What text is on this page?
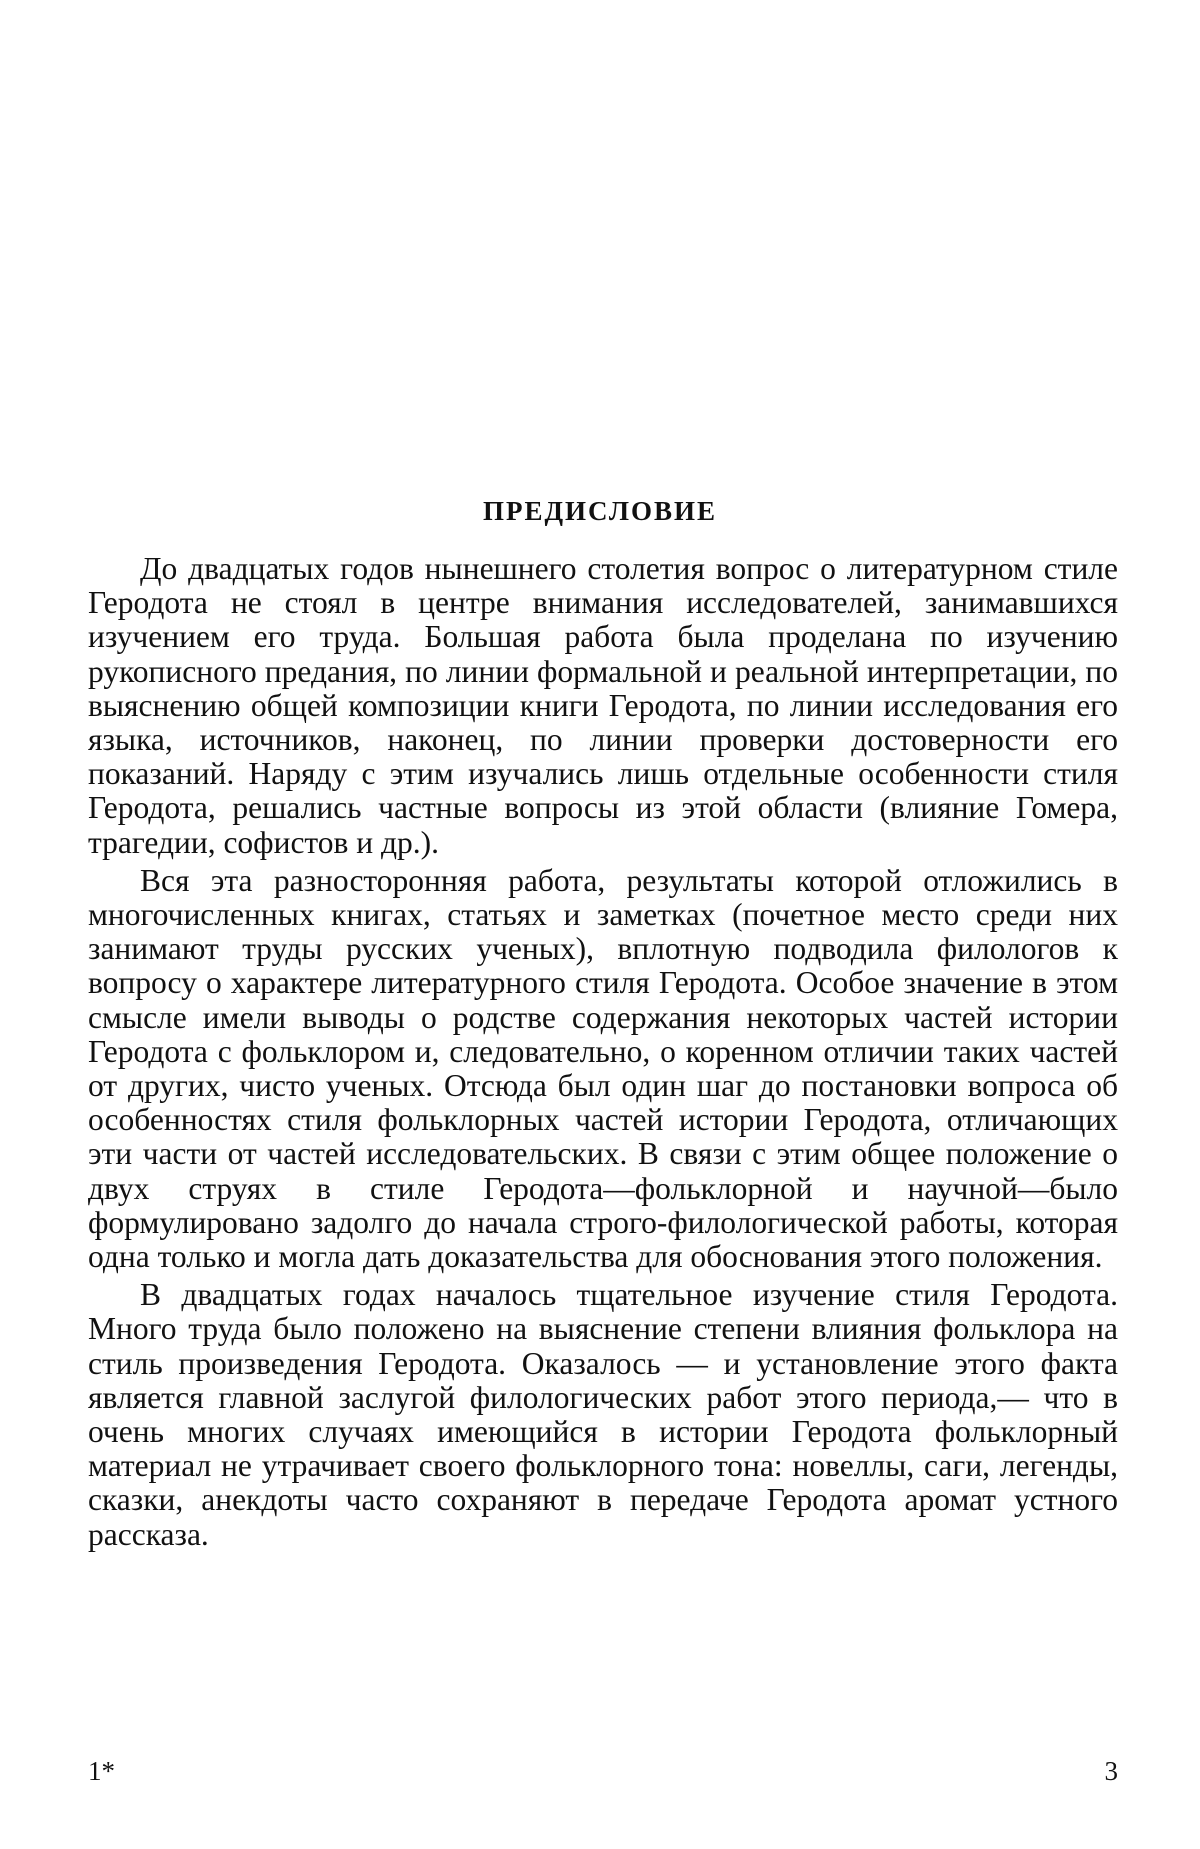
ПРЕДИСЛОВИЕ

До двадцатых годов нынешнего столетия вопрос о литературном стиле Геродота не стоял в центре внимания исследователей, занимавшихся изучением его труда. Большая работа была проделана по изучению рукописного предания, по линии формальной и реальной интерпретации, по выяснению общей композиции книги Геродота, по линии исследования его языка, источников, наконец, по линии проверки достоверности его показаний. Наряду с этим изучались лишь отдельные особенности стиля Геродота, решались частные вопросы из этой области (влияние Гомера, трагедии, софистов и др.).

Вся эта разносторонняя работа, результаты которой отложились в многочисленных книгах, статьях и заметках (почетное место среди них занимают труды русских ученых), вплотную подводила филологов к вопросу о характере литературного стиля Геродота. Особое значение в этом смысле имели выводы о родстве содержания некоторых частей истории Геродота с фольклором и, следовательно, о коренном отличии таких частей от других, чисто ученых. Отсюда был один шаг до постановки вопроса об особенностях стиля фольклорных частей истории Геродота, отличающих эти части от частей исследовательских. В связи с этим общее положение о двух струях в стиле Геродота—фольклорной и научной—было формулировано задолго до начала строго-филологической работы, которая одна только и могла дать доказательства для обоснования этого положения.

В двадцатых годах началось тщательное изучение стиля Геродота. Много труда было положено на выяснение степени влияния фольклора на стиль произведения Геродота. Оказалось — и установление этого факта является главной заслугой филологических работ этого периода,— что в очень многих случаях имеющийся в истории Геродота фольклорный материал не утрачивает своего фольклорного тона: новеллы, саги, легенды, сказки, анекдоты часто сохраняют в передаче Геродота аромат устного рассказа.

1*	3
